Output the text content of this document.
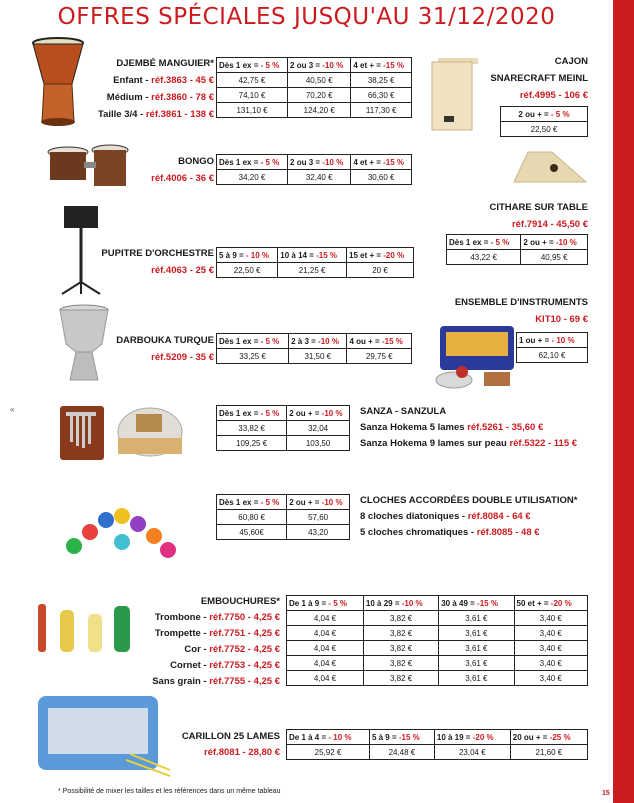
Catalogue - Lugdivine SEPTEMBRE 2020
15
OFFRES SPÉCIALES JUSQU'AU 31/12/2020
«
DJEMBÉ MANGUIER*
Enfant - réf.3863 - 45 €
Médium - réf.3860 - 78 €
Taille 3/4 - réf.3861 - 138 €
Dès 1 ex = - 5 %	2 ou 3 = -10 %	4 et + = -15 %
42,75 €	40,50 €	38,25 €
74,10 €	70,20 €	66,30 €
131,10 €	124,20 €	117,30 €
CAJON
SNARECRAFT MEINL
réf.4995 - 106 €
2 ou + = - 5 %
22,50 €
BONGO
réf.4006 - 36 €
Dès 1 ex = - 5 %	2 ou 3 = -10 %	4 et + = -15 %
34,20 €	32,40 €	30,60 €
CITHARE SUR TABLE
réf.7914 - 45,50 €
Dès 1 ex = - 5 %	2 ou + = -10 %
43,22 €	40,95 €
PUPITRE D'ORCHESTRE
réf.4063 - 25 €
5 à 9 = - 10 %	10 à 14 = -15 %	15 et + = -20 %
22,50 €	21,25 €	20 €
ENSEMBLE D'INSTRUMENTS
KIT10 - 69 €
1 ou + = - 10 %
62,10 €
DARBOUKA TURQUE
réf.5209 - 35 €
Dès 1 ex = - 5 %	2 à 3 = -10 %	4 ou + = -15 %
33,25 €	31,50 €	29,75 €
Dès 1 ex = - 5 %	2 ou + = -10 %
33,82 €	32,04
109,25 €	103,50
SANZA - SANZULA
Sanza Hokema 5 lames réf.5261 - 35,60 €
Sanza Hokema 9 lames sur peau réf.5322 - 115 €
Dès 1 ex = - 5 %	2 ou + = -10 %
60,80 €	57,60
45,60€	43,20
CLOCHES ACCORDÉES DOUBLE UTILISATION*
8 cloches diatoniques - réf.8084 - 64 €
5 cloches chromatiques - réf.8085 - 48 €
EMBOUCHURES*
Trombone - réf.7750 - 4,25 €
Trompette - réf.7751 - 4,25 €
Cor - réf.7752 - 4,25 €
Cornet - réf.7753 - 4,25 €
Sans grain - réf.7755 - 4,25 €
De 1 à 9 = - 5 %	10 à 29 = -10 %	30 à 49 = -15 %	50 et + = -20 %
4,04 €	3,82 €	3,61 €	3,40 €
4,04 €	3,82 €	3,61 €	3,40 €
4,04 €	3,82 €	3,61 €	3,40 €
4,04 €	3,82 €	3,61 €	3,40 €
4,04 €	3,82 €	3,61 €	3,40 €
CARILLON 25 LAMES
réf.8081 - 28,80 €
De 1 à 4 = - 10 %	5 à 9 = -15 %	10 à 19 = -20 %	20 ou + = -25 %
25,92 €	24,48 €	23,04 €	21,60 €
* Possibilité de mixer les tailles et les références dans un même tableau
